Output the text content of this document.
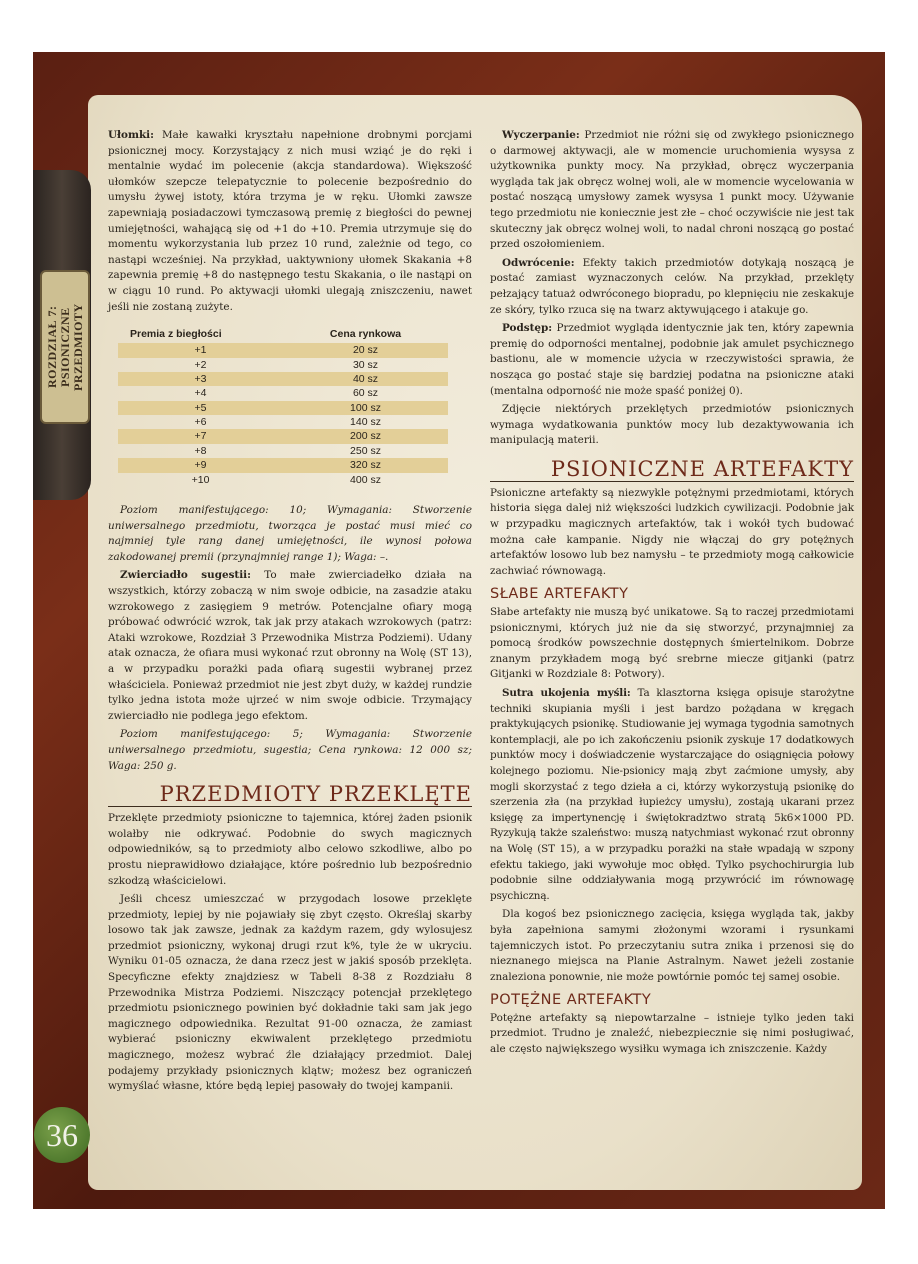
ROZDZIAŁ 7: PSIONICZNE PRZEDMIOTY

Ułomki: Małe kawałki kryształu napełnione drobnymi porcjami psionicznej mocy. Korzystający z nich musi wziąć je do ręki i mentalnie wydać im polecenie (akcja standardowa). Większość ułomków szepcze telepatycznie to polecenie bezpośrednio do umysłu żywej istoty, która trzyma je w ręku. Ułomki zawsze zapewniają posiadaczowi tymczasową premię z biegłości do pewnej umiejętności, wahającą się od +1 do +10. Premia utrzymuje się do momentu wykorzystania lub przez 10 rund, zależnie od tego, co nastąpi wcześniej. Na przykład, uaktywniony ułomek Skakania +8 zapewnia premię +8 do następnego testu Skakania, o ile nastąpi on w ciągu 10 rund. Po aktywacji ułomki ulegają zniszczeniu, nawet jeśli nie zostaną zużyte.

Premia z biegłości	Cena rynkowa
+1	20 sz
+2	30 sz
+3	40 sz
+4	60 sz
+5	100 sz
+6	140 sz
+7	200 sz
+8	250 sz
+9	320 sz
+10	400 sz

Poziom manifestującego: 10; Wymagania: Stworzenie uniwersalnego przedmiotu, tworząca je postać musi mieć co najmniej tyle rang danej umiejętności, ile wynosi połowa zakodowanej premii (przynajmniej range 1); Waga: –.

Zwierciadło sugestii: To małe zwierciadełko działa na wszystkich, którzy zobaczą w nim swoje odbicie, na zasadzie ataku wzrokowego z zasięgiem 9 metrów. Potencjalne ofiary mogą próbować odwrócić wzrok, tak jak przy atakach wzrokowych (patrz: Ataki wzrokowe, Rozdział 3 Przewodnika Mistrza Podziemi). Udany atak oznacza, że ofiara musi wykonać rzut obronny na Wolę (ST 13), a w przypadku porażki pada ofiarą sugestii wybranej przez właściciela. Ponieważ przedmiot nie jest zbyt duży, w każdej rundzie tylko jedna istota może ujrzeć w nim swoje odbicie. Trzymający zwierciadło nie podlega jego efektom.

Poziom manifestującego: 5; Wymagania: Stworzenie uniwersalnego przedmiotu, sugestia; Cena rynkowa: 12 000 sz; Waga: 250 g.

PRZEDMIOTY PRZEKLĘTE

Przeklęte przedmioty psioniczne to tajemnica, której żaden psionik wolałby nie odkrywać. Podobnie do swych magicznych odpowiedników, są to przedmioty albo celowo szkodliwe, albo po prostu nieprawidłowo działające, które pośrednio lub bezpośrednio szkodzą właścicielowi.

Jeśli chcesz umieszczać w przygodach losowe przeklęte przedmioty, lepiej by nie pojawiały się zbyt często. Określaj skarby losowo tak jak zawsze, jednak za każdym razem, gdy wylosujesz przedmiot psioniczny, wykonaj drugi rzut k%, tyle że w ukryciu. Wyniku 01-05 oznacza, że dana rzecz jest w jakiś sposób przeklęta. Specyficzne efekty znajdziesz w Tabeli 8-38 z Rozdziału 8 Przewodnika Mistrza Podziemi. Niszczący potencjał przeklętego przedmiotu psionicznego powinien być dokładnie taki sam jak jego magicznego odpowiednika. Rezultat 91-00 oznacza, że zamiast wybierać psioniczny ekwiwalent przeklętego przedmiotu magicznego, możesz wybrać źle działający przedmiot. Dalej podajemy przykłady psionicznych klątw; możesz bez ograniczeń wymyślać własne, które będą lepiej pasowały do twojej kampanii.

Wyczerpanie: Przedmiot nie różni się od zwykłego psionicznego o darmowej aktywacji, ale w momencie uruchomienia wysysa z użytkownika punkty mocy. Na przykład, obręcz wyczerpania wygląda tak jak obręcz wolnej woli, ale w momencie wycelowania w postać noszącą umysłowy zamek wysysa 1 punkt mocy. Używanie tego przedmiotu nie koniecznie jest złe – choć oczywiście nie jest tak skuteczny jak obręcz wolnej woli, to nadal chroni noszącą go postać przed oszołomieniem.

Odwrócenie: Efekty takich przedmiotów dotykają noszącą je postać zamiast wyznaczonych celów. Na przykład, przeklęty pełzający tatuaż odwróconego biopradu, po klepnięciu nie zeskakuje ze skóry, tylko rzuca się na twarz aktywującego i atakuje go.

Podstęp: Przedmiot wygląda identycznie jak ten, który zapewnia premię do odporności mentalnej, podobnie jak amulet psychicznego bastionu, ale w momencie użycia w rzeczywistości sprawia, że nosząca go postać staje się bardziej podatna na psioniczne ataki (mentalna odporność nie może spaść poniżej 0).

Zdjęcie niektórych przeklętych przedmiotów psionicznych wymaga wydatkowania punktów mocy lub dezaktywowania ich manipulacją materii.

PSIONICZNE ARTEFAKTY

Psioniczne artefakty są niezwykle potężnymi przedmiotami, których historia sięga dalej niż większości ludzkich cywilizacji. Podobnie jak w przypadku magicznych artefaktów, tak i wokół tych budować można całe kampanie. Nigdy nie włączaj do gry potężnych artefaktów losowo lub bez namysłu – te przedmioty mogą całkowicie zachwiać równowagą.

SŁABE ARTEFAKTY

Słabe artefakty nie muszą być unikatowe. Są to raczej przedmiotami psionicznymi, których już nie da się stworzyć, przynajmniej za pomocą środków powszechnie dostępnych śmiertelnikom. Dobrze znanym przykładem mogą być srebrne miecze gitjanki (patrz Gitjanki w Rozdziale 8: Potwory).

Sutra ukojenia myśli: Ta klasztorna księga opisuje starożytne techniki skupiania myśli i jest bardzo pożądana w kręgach praktykujących psionikę. Studiowanie jej wymaga tygodnia samotnych kontemplacji, ale po ich zakończeniu psionik zyskuje 17 dodatkowych punktów mocy i doświadczenie wystarczające do osiągnięcia połowy kolejnego poziomu. Nie-psionicy mają zbyt zaćmione umysły, aby mogli skorzystać z tego dzieła a ci, którzy wykorzystują psionikę do szerzenia zła (na przykład łupieżcy umysłu), zostają ukarani przez księgę za impertynencję i świętokradztwo stratą 5k6×1000 PD. Ryzykują także szaleństwo: muszą natychmiast wykonać rzut obronny na Wolę (ST 15), a w przypadku porażki na stałe wpadają w szpony efektu takiego, jaki wywołuje moc obłęd. Tylko psychochirurgia lub podobnie silne oddziaływania mogą przywrócić im równowagę psychiczną.

Dla kogoś bez psionicznego zacięcia, księga wygląda tak, jakby była zapełniona samymi złożonymi wzorami i rysunkami tajemniczych istot. Po przeczytaniu sutra znika i przenosi się do nieznanego miejsca na Planie Astralnym. Nawet jeżeli zostanie znaleziona ponownie, nie może powtórnie pomóc tej samej osobie.

POTĘŻNE ARTEFAKTY

Potężne artefakty są niepowtarzalne – istnieje tylko jeden taki przedmiot. Trudno je znaleźć, niebezpiecznie się nimi posługiwać, ale często największego wysiłku wymaga ich zniszczenie. Każdy

36
